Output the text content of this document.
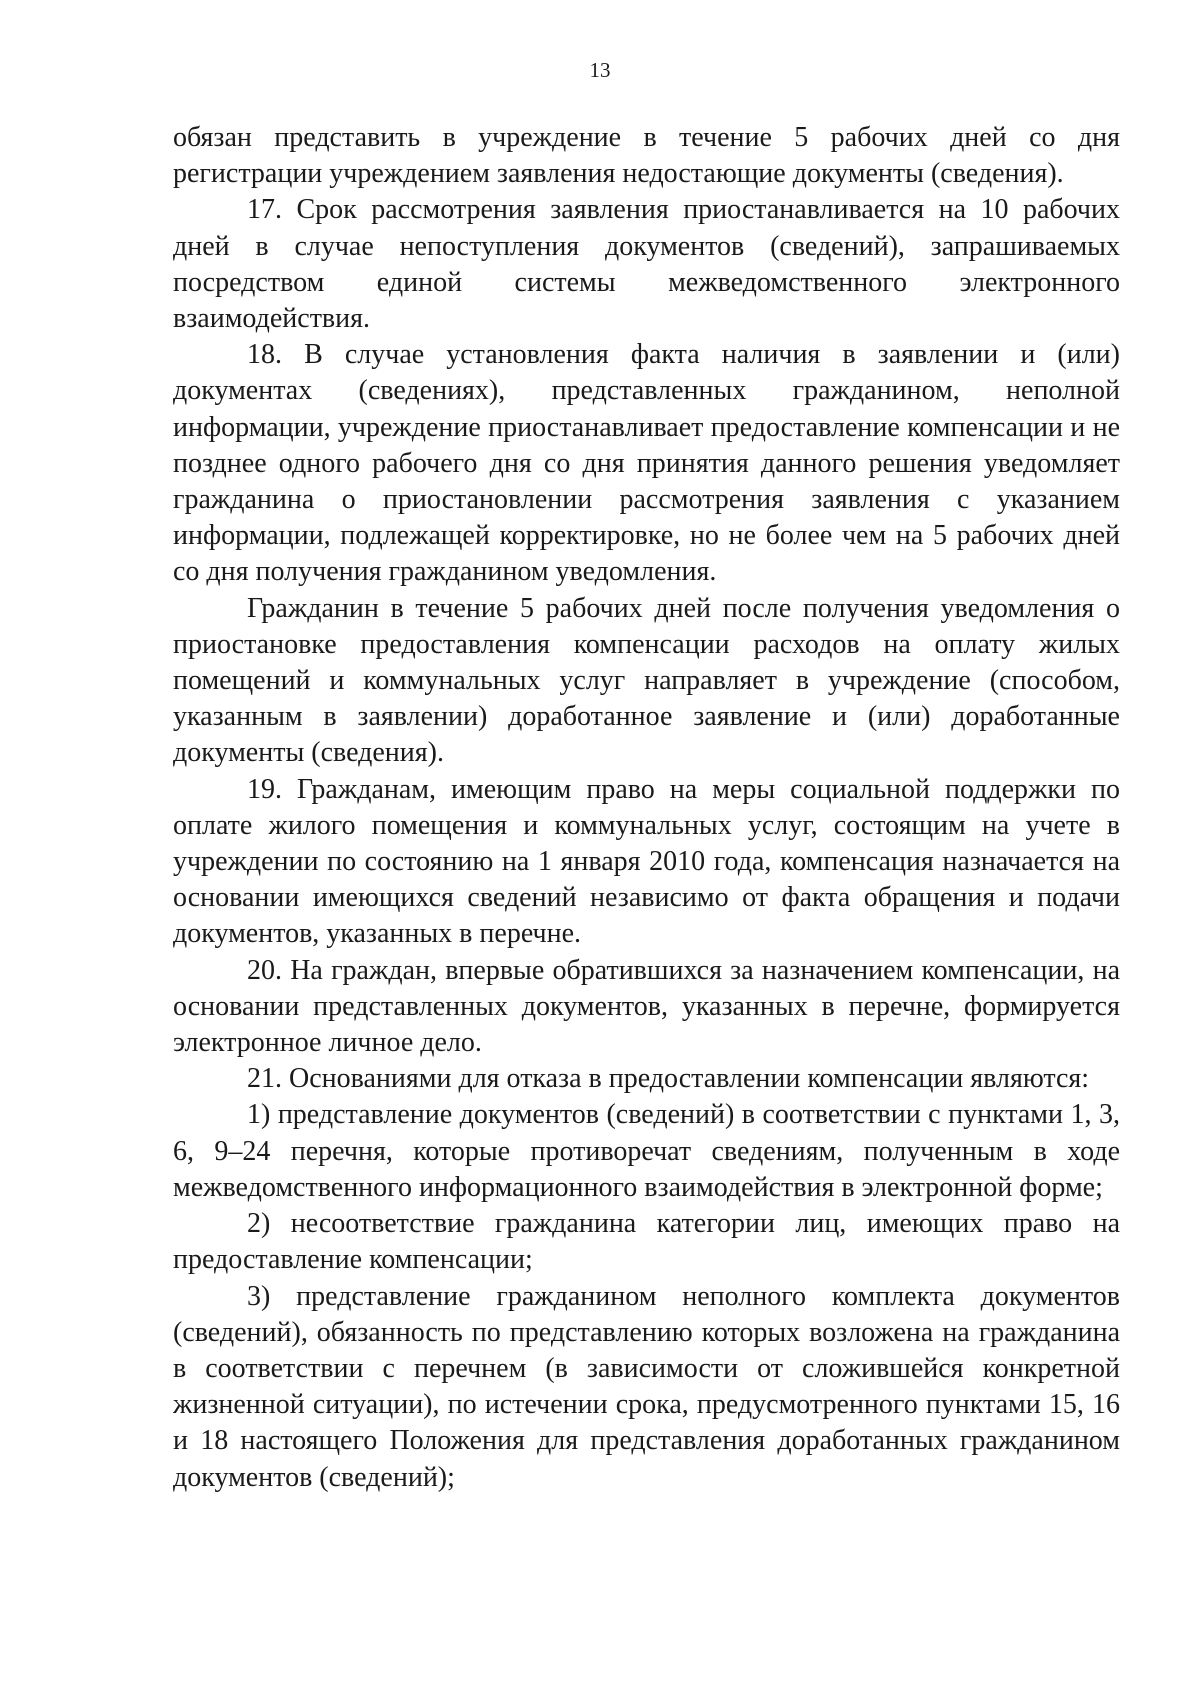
13

обязан представить в учреждение в течение 5 рабочих дней со дня регистрации учреждением заявления недостающие документы (сведения).

17. Срок рассмотрения заявления приостанавливается на 10 рабочих дней в случае непоступления документов (сведений), запрашиваемых посредством единой системы межведомственного электронного взаимодействия.

18. В случае установления факта наличия в заявлении и (или) документах (сведениях), представленных гражданином, неполной информации, учреждение приостанавливает предоставление компенсации и не позднее одного рабочего дня со дня принятия данного решения уведомляет гражданина о приостановлении рассмотрения заявления с указанием информации, подлежащей корректировке, но не более чем на 5 рабочих дней со дня получения гражданином уведомления.

Гражданин в течение 5 рабочих дней после получения уведомления о приостановке предоставления компенсации расходов на оплату жилых помещений и коммунальных услуг направляет в учреждение (способом, указанным в заявлении) доработанное заявление и (или) доработанные документы (сведения).

19. Гражданам, имеющим право на меры социальной поддержки по оплате жилого помещения и коммунальных услуг, состоящим на учете в учреждении по состоянию на 1 января 2010 года, компенсация назначается на основании имеющихся сведений независимо от факта обращения и подачи документов, указанных в перечне.

20. На граждан, впервые обратившихся за назначением компенсации, на основании представленных документов, указанных в перечне, формируется электронное личное дело.

21. Основаниями для отказа в предоставлении компенсации являются:

1) представление документов (сведений) в соответствии с пунктами 1, 3, 6, 9–24 перечня, которые противоречат сведениям, полученным в ходе межведомственного информационного взаимодействия в электронной форме;

2) несоответствие гражданина категории лиц, имеющих право на предоставление компенсации;

3) представление гражданином неполного комплекта документов (сведений), обязанность по представлению которых возложена на гражданина в соответствии с перечнем (в зависимости от сложившейся конкретной жизненной ситуации), по истечении срока, предусмотренного пунктами 15, 16 и 18 настоящего Положения для представления доработанных гражданином документов (сведений);
